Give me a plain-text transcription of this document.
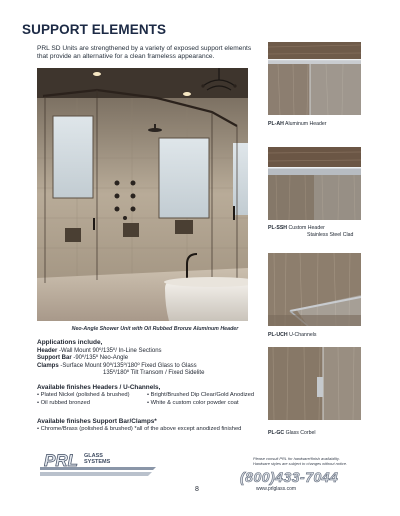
SUPPORT ELEMENTS
PRL SD Units are strengthened by a variety of exposed support elements that provide an alternative for a clean frameless appearance.
Neo-Angle Shower Unit with Oil Rubbed Bronze Aluminum Header
PL-AH Aluminum Header
PL-SSH Custom Header
Stainless Steel Clad
PL-UCH U-Channels
PL-GC Glass Corbel
Applications include,
Header -Wall Mount 90º/135º/ In-Line Sections
Support Bar -90º/135º Neo-Angle
Clamps -Surface Mount 90º/135º/180º Fixed Glass to Glass
135º/180º Tilt Transom / Fixed Sidelite
Available finishes Headers / U-Channels,
• Plated Nickel (polished & brushed)	• Bright/Brushed Dip Clear/Gold Anodized
• Oil rubbed bronzed	• White & custom color powder coat
Available finishes Support Bar/Clamps*
• Chrome/Brass (polished & brushed) *all of the above except anodized finished
PRL GLASS
SYSTEMS
Please consult PRL for hardware/finish availability.
Hardware styles are subject to changes without notice.
(800)433-7044
8	www.prlglass.com
